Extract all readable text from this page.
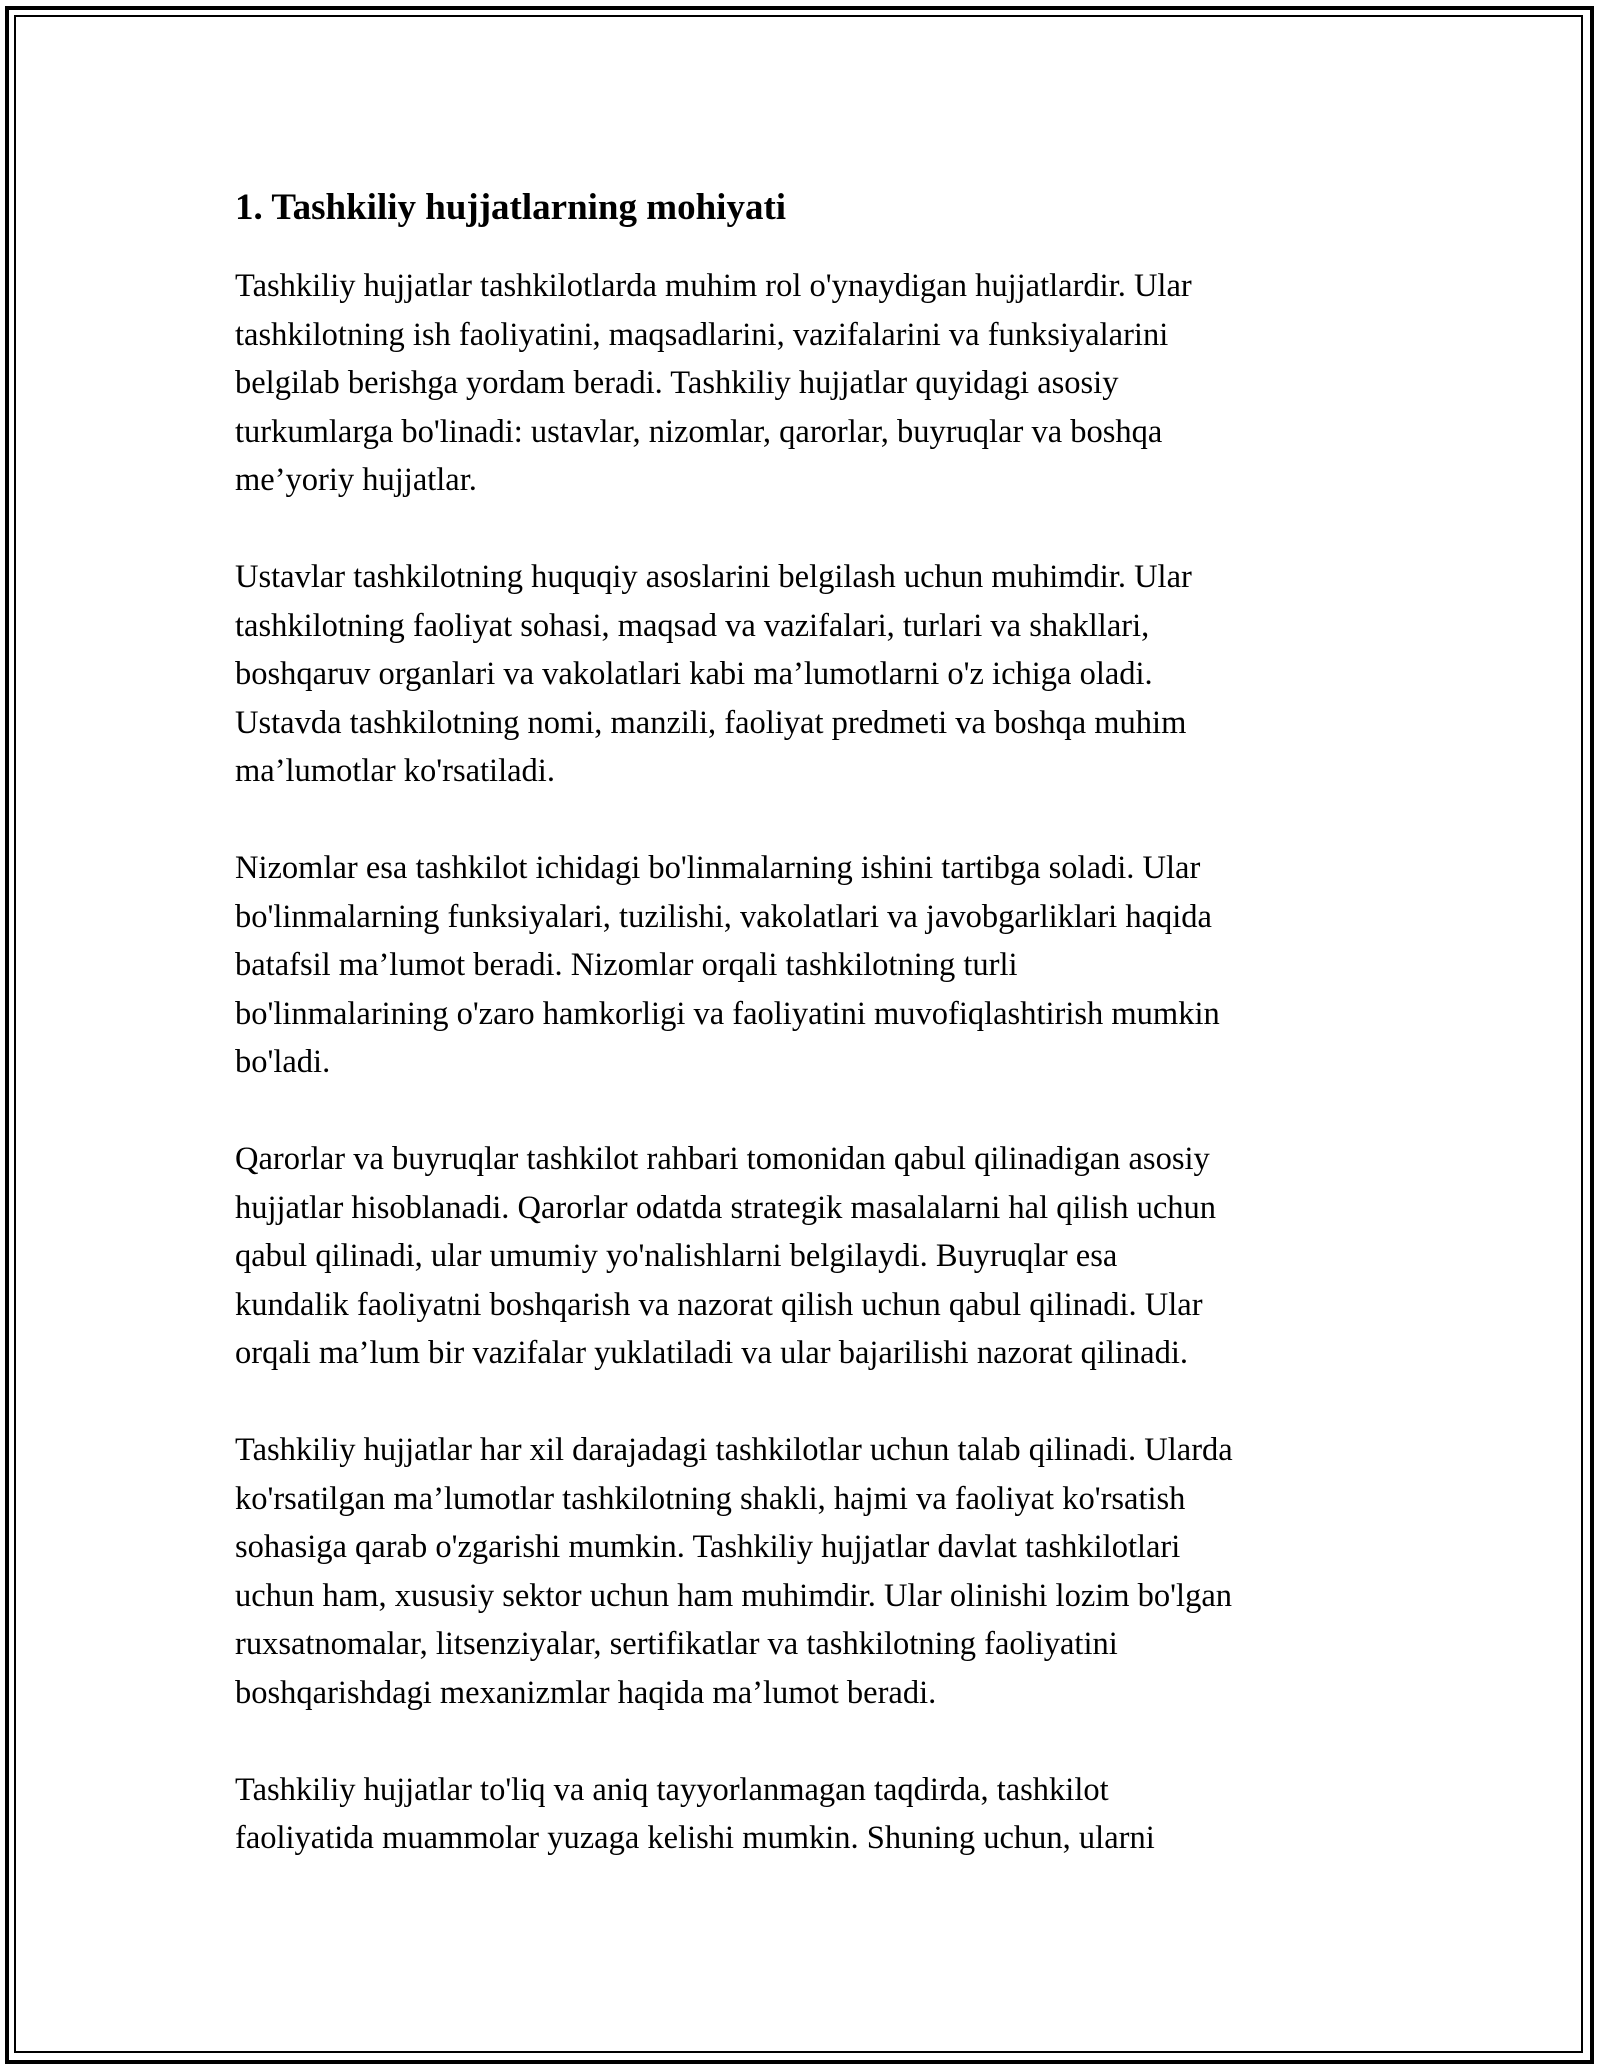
1. Tashkiliy hujjatlarning mohiyati

Tashkiliy hujjatlar tashkilotlarda muhim rol o'ynaydigan hujjatlardir. Ular
tashkilotning ish faoliyatini, maqsadlarini, vazifalarini va funksiyalarini
belgilab berishga yordam beradi. Tashkiliy hujjatlar quyidagi asosiy
turkumlarga bo'linadi: ustavlar, nizomlar, qarorlar, buyruqlar va boshqa
me’yoriy hujjatlar.

Ustavlar tashkilotning huquqiy asoslarini belgilash uchun muhimdir. Ular
tashkilotning faoliyat sohasi, maqsad va vazifalari, turlari va shakllari,
boshqaruv organlari va vakolatlari kabi ma’lumotlarni o'z ichiga oladi.
Ustavda tashkilotning nomi, manzili, faoliyat predmeti va boshqa muhim
ma’lumotlar ko'rsatiladi.

Nizomlar esa tashkilot ichidagi bo'linmalarning ishini tartibga soladi. Ular
bo'linmalarning funksiyalari, tuzilishi, vakolatlari va javobgarliklari haqida
batafsil ma’lumot beradi. Nizomlar orqali tashkilotning turli
bo'linmalarining o'zaro hamkorligi va faoliyatini muvofiqlashtirish mumkin
bo'ladi.

Qarorlar va buyruqlar tashkilot rahbari tomonidan qabul qilinadigan asosiy
hujjatlar hisoblanadi. Qarorlar odatda strategik masalalarni hal qilish uchun
qabul qilinadi, ular umumiy yo'nalishlarni belgilaydi. Buyruqlar esa
kundalik faoliyatni boshqarish va nazorat qilish uchun qabul qilinadi. Ular
orqali ma’lum bir vazifalar yuklatiladi va ular bajarilishi nazorat qilinadi.

Tashkiliy hujjatlar har xil darajadagi tashkilotlar uchun talab qilinadi. Ularda
ko'rsatilgan ma’lumotlar tashkilotning shakli, hajmi va faoliyat ko'rsatish
sohasiga qarab o'zgarishi mumkin. Tashkiliy hujjatlar davlat tashkilotlari
uchun ham, xususiy sektor uchun ham muhimdir. Ular olinishi lozim bo'lgan
ruxsatnomalar, litsenziyalar, sertifikatlar va tashkilotning faoliyatini
boshqarishdagi mexanizmlar haqida ma’lumot beradi.

Tashkiliy hujjatlar to'liq va aniq tayyorlanmagan taqdirda, tashkilot
faoliyatida muammolar yuzaga kelishi mumkin. Shuning uchun, ularni
